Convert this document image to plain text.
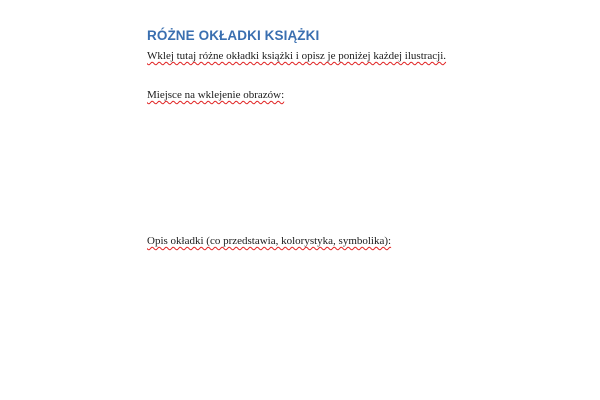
RÓŻNE OKŁADKI KSIĄŻKI

Wklej tutaj różne okładki książki i opisz je poniżej każdej ilustracji.

Miejsce na wklejenie obrazów:

Opis okładki (co przedstawia, kolorystyka, symbolika):
